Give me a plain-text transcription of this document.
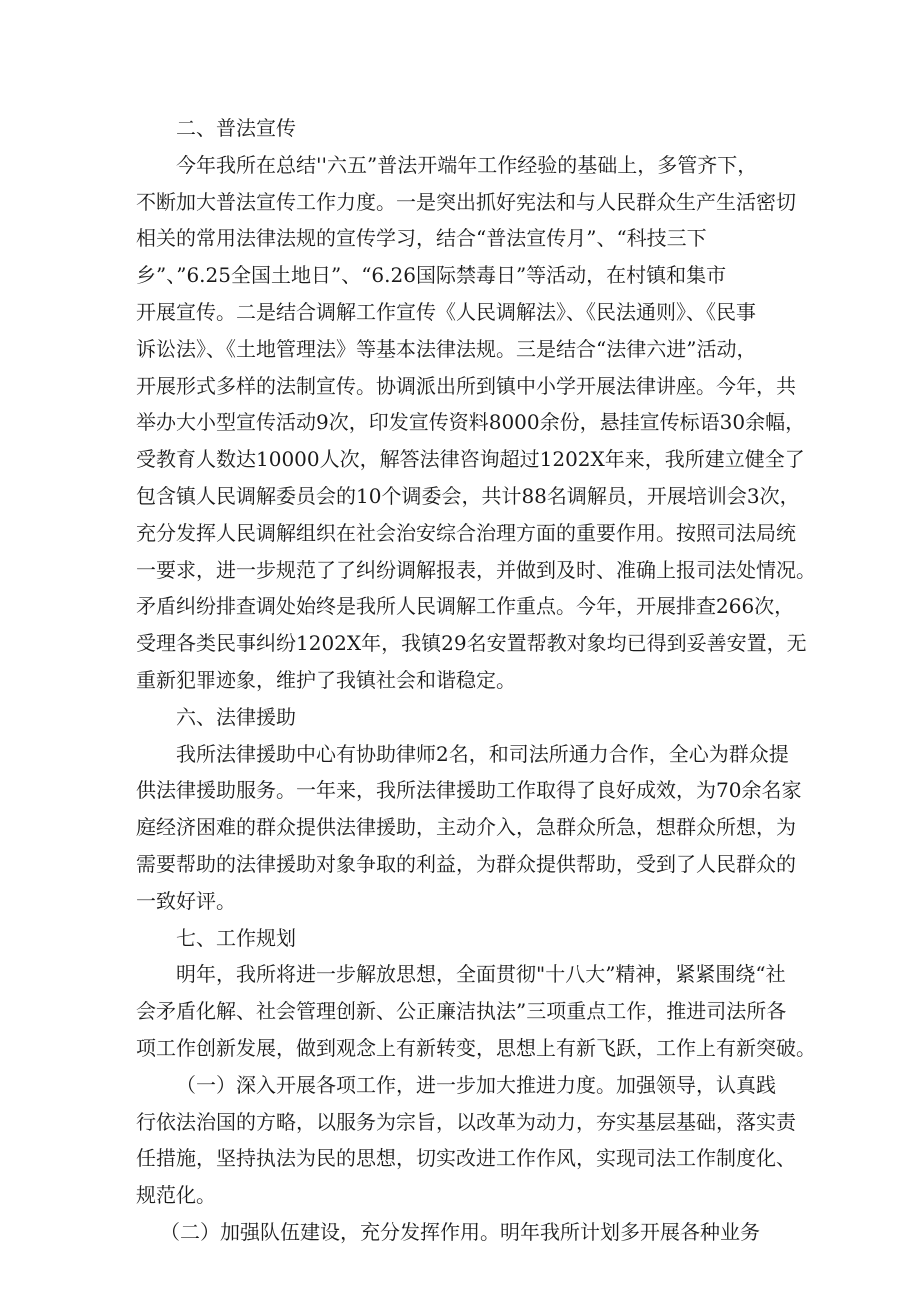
二、普法宣传
今年我所在总结''六五”普法开端年工作经验的基础上，多管齐下，
不断加大普法宣传工作力度。一是突出抓好宪法和与人民群众生产生活密切
相关的常用法律法规的宣传学习，结合“普法宣传月”、“科技三下
乡”、”6.25全国土地日”、“6.26国际禁毒日”等活动，在村镇和集市
开展宣传。二是结合调解工作宣传《人民调解法》、《民法通则》、《民事
诉讼法》、《土地管理法》等基本法律法规。三是结合“法律六进”活动，
开展形式多样的法制宣传。协调派出所到镇中小学开展法律讲座。今年，共
举办大小型宣传活动9次，印发宣传资料8000余份，悬挂宣传标语30余幅，
受教育人数达10000人次，解答法律咨询超过1202X年来，我所建立健全了
包含镇人民调解委员会的10个调委会，共计88名调解员，开展培训会3次，
充分发挥人民调解组织在社会治安综合治理方面的重要作用。按照司法局统
一要求，进一步规范了了纠纷调解报表，并做到及时、准确上报司法处情况。
矛盾纠纷排查调处始终是我所人民调解工作重点。今年，开展排查266次，
受理各类民事纠纷1202X年，我镇29名安置帮教对象均已得到妥善安置，无
重新犯罪迹象，维护了我镇社会和谐稳定。
六、法律援助
我所法律援助中心有协助律师2名，和司法所通力合作，全心为群众提
供法律援助服务。一年来，我所法律援助工作取得了良好成效，为70余名家
庭经济困难的群众提供法律援助，主动介入，急群众所急，想群众所想，为
需要帮助的法律援助对象争取的利益，为群众提供帮助，受到了人民群众的
一致好评。
七、工作规划
明年，我所将进一步解放思想，全面贯彻"十八大”精神，紧紧围绕“社
会矛盾化解、社会管理创新、公正廉洁执法”三项重点工作，推进司法所各
项工作创新发展，做到观念上有新转变，思想上有新飞跃，工作上有新突破。
（一）深入开展各项工作，进一步加大推进力度。加强领导，认真践
行依法治国的方略，以服务为宗旨，以改革为动力，夯实基层基础，落实责
任措施，坚持执法为民的思想，切实改进工作作风，实现司法工作制度化、
规范化。
（二）加强队伍建设，充分发挥作用。明年我所计划多开展各种业务
